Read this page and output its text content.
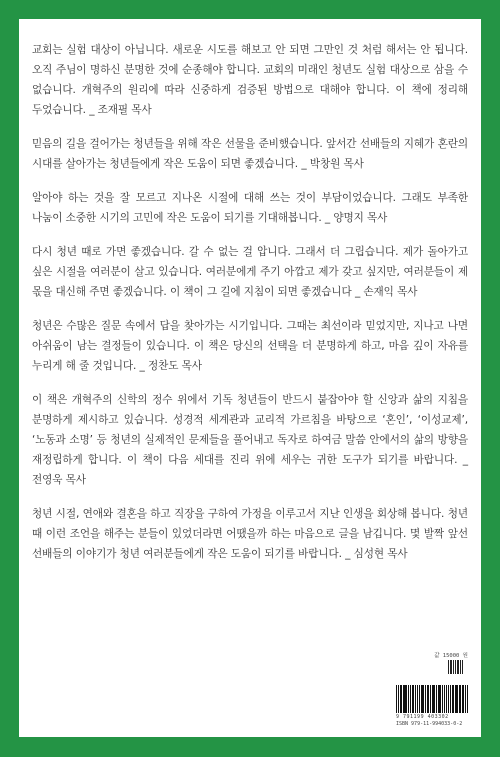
교회는 실험 대상이 아닙니다. 새로운 시도를 해보고 안 되면 그만인 것 처럼 해서는 안 됩니다. 오직 주님이 명하신 분명한 것에 순종해야 합니다. 교회의 미래인 청년도 실험 대상으로 삼을 수 없습니다. 개혁주의 원리에 따라 신중하게 검증된 방법으로 대해야 합니다. 이 책에 정리해 두었습니다. _ 조재필 목사

믿음의 길을 걸어가는 청년들을 위해 작은 선물을 준비했습니다. 앞서간 선배들의 지혜가 혼란의 시대를 살아가는 청년들에게 작은 도움이 되면 좋겠습니다. _ 박창원 목사

알아야 하는 것을 잘 모르고 지나온 시절에 대해 쓰는 것이 부담이었습니다. 그래도 부족한 나눔이 소중한 시기의 고민에 작은 도움이 되기를 기대해봅니다. _ 양명지 목사

다시 청년 때로 가면 좋겠습니다. 갈 수 없는 걸 압니다. 그래서 더 그립습니다. 제가 돌아가고 싶은 시절을 여러분이 살고 있습니다. 여러분에게 주기 아깝고 제가 갖고 싶지만, 여러분들이 제 몫을 대신해 주면 좋겠습니다. 이 책이 그 길에 지침이 되면 좋겠습니다 _ 손재익 목사

청년은 수많은 질문 속에서 답을 찾아가는 시기입니다. 그때는 최선이라 믿었지만, 지나고 나면 아쉬움이 남는 결정들이 있습니다. 이 책은 당신의 선택을 더 분명하게 하고, 마음 깊이 자유를 누리게 해 줄 것입니다. _ 정찬도 목사

이 책은 개혁주의 신학의 정수 위에서 기독 청년들이 반드시 붙잡아야 할 신앙과 삶의 지침을 분명하게 제시하고 있습니다. 성경적 세계관과 교리적 가르침을 바탕으로 ‘혼인’, ‘이성교제’, ‘노동과 소명’ 등 청년의 실제적인 문제들을 풀어내고 독자로 하여금 말씀 안에서의 삶의 방향을 재정립하게 합니다. 이 책이 다음 세대를 진리 위에 세우는 귀한 도구가 되기를 바랍니다. _ 전영욱 목사

청년 시절, 연애와 결혼을 하고 직장을 구하여 가정을 이루고서 지난 인생을 회상해 봅니다. 청년 때 이런 조언을 해주는 분들이 있었더라면 어땠을까 하는 마음으로 글을 남깁니다. 몇 발짝 앞선 선배들의 이야기가 청년 여러분들에게 작은 도움이 되기를 바랍니다. _ 심성현 목사

값 15000 원
9 791199 403302
ISBN 979-11-994033-0-2
